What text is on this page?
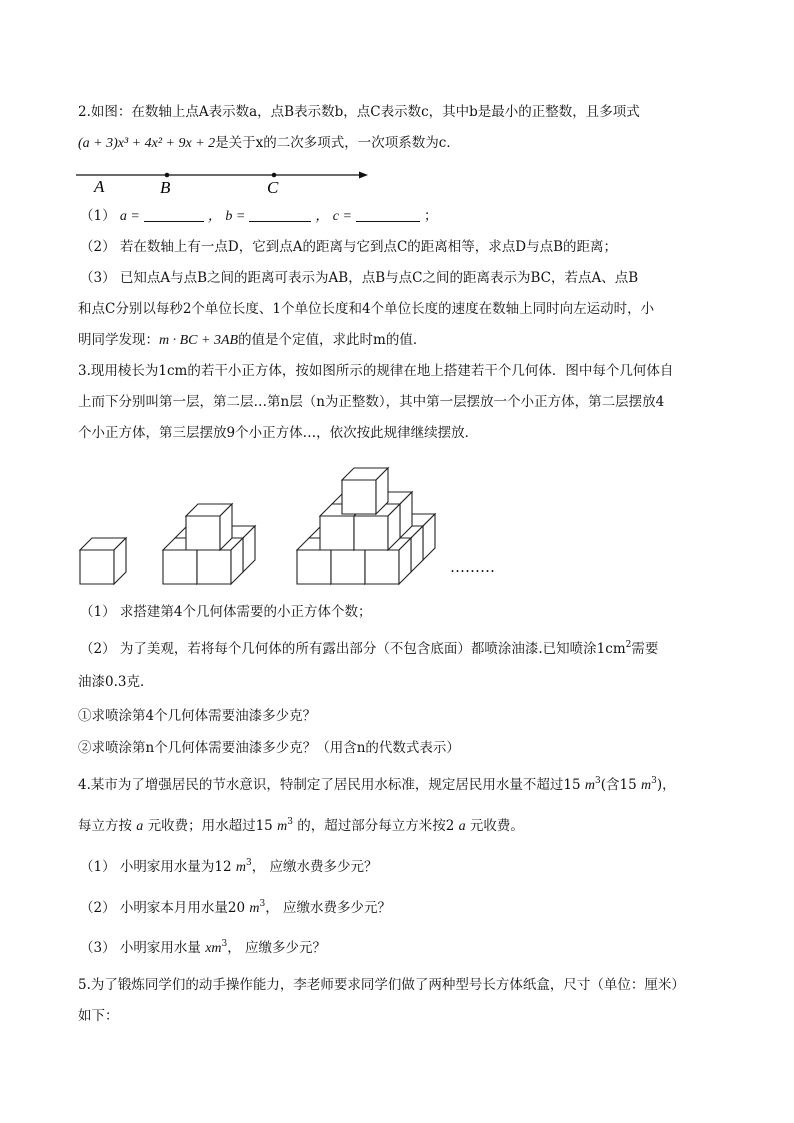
2.如图：在数轴上点A表示数a，点B表示数b，点C表示数c，其中b是最小的正整数，且多项式
(a + 3)x³ + 4x² + 9x + 2是关于x的二次多项式，一次项系数为c．
A	B	C
（1） a =	， b =	， c =	；
（2） 若在数轴上有一点D，它到点A的距离与它到点C的距离相等，求点D与点B的距离；
（3） 已知点A与点B之间的距离可表示为AB，点B与点C之间的距离表示为BC，若点A、点B
和点C分别以每秒2个单位长度、1个单位长度和4个单位长度的速度在数轴上同时向左运动时，小
明同学发现：m · BC + 3AB的值是个定值，求此时m的值．
3.现用棱长为1cm的若干小正方体，按如图所示的规律在地上搭建若干个几何体．图中每个几何体自
上而下分别叫第一层，第二层…第n层（n为正整数），其中第一层摆放一个小正方体，第二层摆放4
个小正方体，第三层摆放9个小正方体…，依次按此规律继续摆放．
………
（1） 求搭建第4个几何体需要的小正方体个数；
（2） 为了美观，若将每个几何体的所有露出部分（不包含底面）都喷涂油漆.已知喷涂$1cm^2$需要
油漆0.3克．
①求喷涂第4个几何体需要油漆多少克？
②求喷涂第n个几何体需要油漆多少克？（用含n的代数式表示）
4.某市为了增强居民的节水意识，特制定了居民用水标准，规定居民用水量不超过15 $m^3$(含15 $m^3$)，
每立方按 a 元收费；用水超过15 $m^3$ 的，超过部分每立方米按2 a 元收费。
（1） 小明家用水量为12 $m^3$， 应缴水费多少元？
（2） 小明家本月用水量20 $m^3$， 应缴水费多少元？
（3） 小明家用水量 $xm^3$， 应缴多少元？
5.为了锻炼同学们的动手操作能力，李老师要求同学们做了两种型号长方体纸盒，尺寸（单位：厘米）
如下：
